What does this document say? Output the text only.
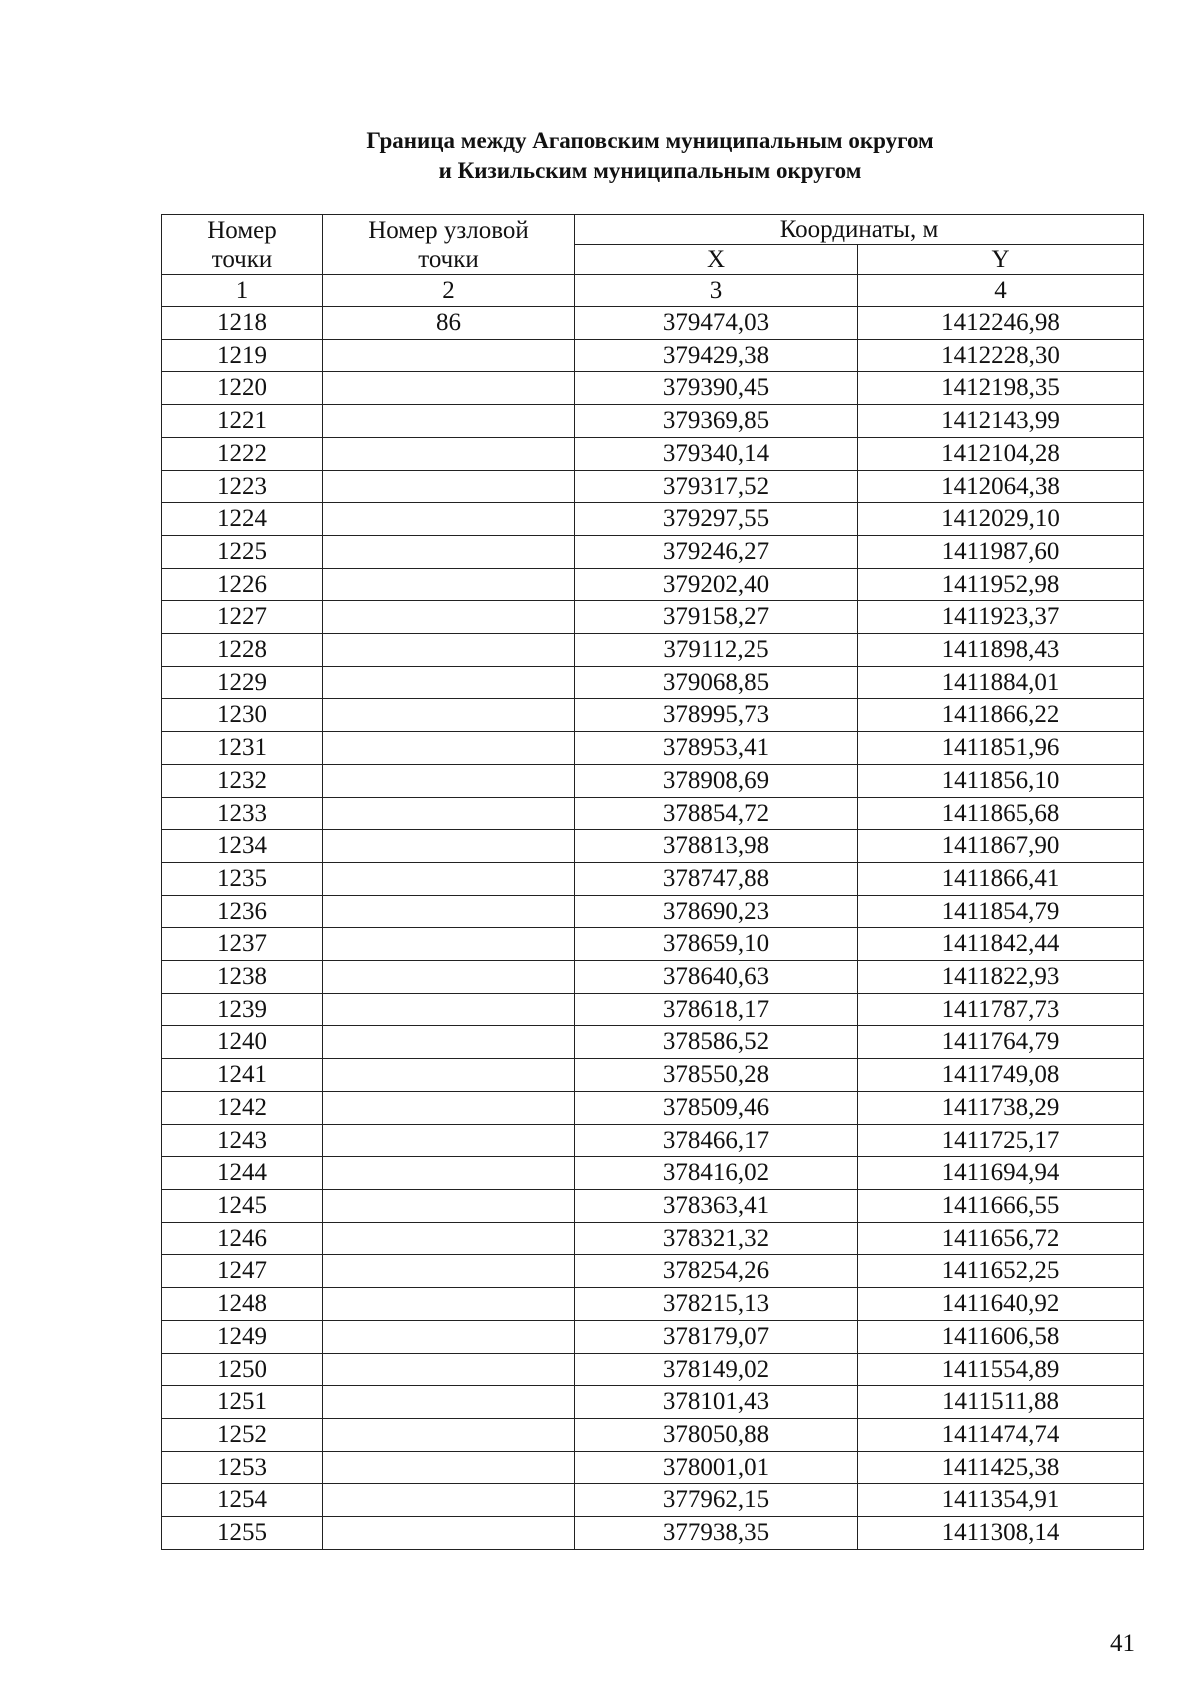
Граница между Агаповским муниципальным округом
и Кизильским муниципальным округом
Номер точки	Номер узловой точки	Координаты, м	
		X	Y
1	2	3	4
1218	86	379474,03	1412246,98
1219		379429,38	1412228,30
1220		379390,45	1412198,35
1221		379369,85	1412143,99
1222		379340,14	1412104,28
1223		379317,52	1412064,38
1224		379297,55	1412029,10
1225		379246,27	1411987,60
1226		379202,40	1411952,98
1227		379158,27	1411923,37
1228		379112,25	1411898,43
1229		379068,85	1411884,01
1230		378995,73	1411866,22
1231		378953,41	1411851,96
1232		378908,69	1411856,10
1233		378854,72	1411865,68
1234		378813,98	1411867,90
1235		378747,88	1411866,41
1236		378690,23	1411854,79
1237		378659,10	1411842,44
1238		378640,63	1411822,93
1239		378618,17	1411787,73
1240		378586,52	1411764,79
1241		378550,28	1411749,08
1242		378509,46	1411738,29
1243		378466,17	1411725,17
1244		378416,02	1411694,94
1245		378363,41	1411666,55
1246		378321,32	1411656,72
1247		378254,26	1411652,25
1248		378215,13	1411640,92
1249		378179,07	1411606,58
1250		378149,02	1411554,89
1251		378101,43	1411511,88
1252		378050,88	1411474,74
1253		378001,01	1411425,38
1254		377962,15	1411354,91
1255		377938,35	1411308,14
41
